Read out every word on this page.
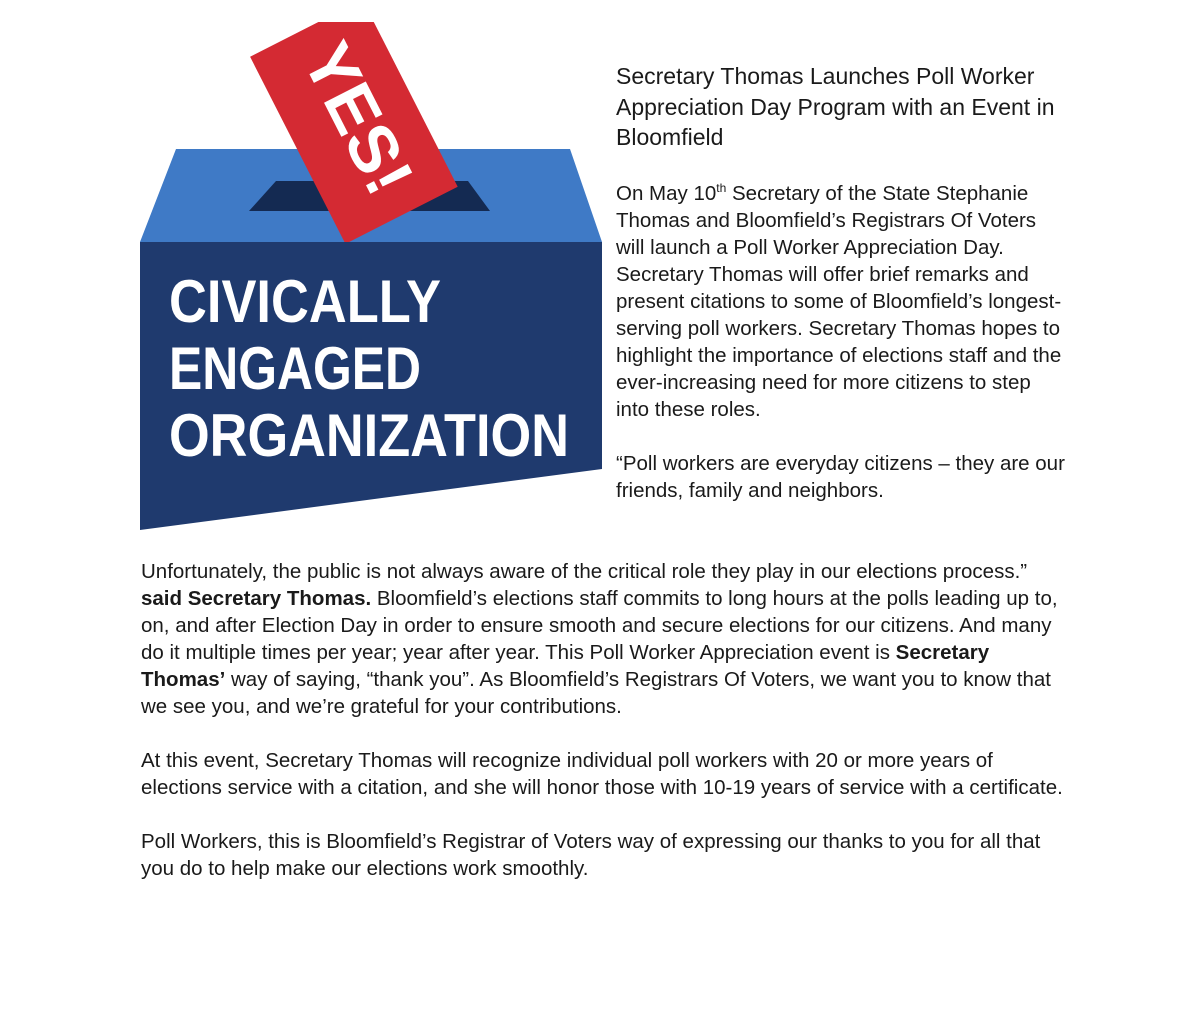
YES!
CIVICALLY
ENGAGED
ORGANIZATION
Secretary Thomas Launches Poll Worker Appreciation Day Program with an Event in Bloomfield

On May 10th Secretary of the State Stephanie Thomas and Bloomfield’s Registrars Of Voters will launch a Poll Worker Appreciation Day. Secretary Thomas will offer brief remarks and present citations to some of Bloomfield’s longest-serving poll workers. Secretary Thomas hopes to highlight the importance of elections staff and the ever-increasing need for more citizens to step into these roles.

“Poll workers are everyday citizens – they are our friends, family and neighbors.

Unfortunately, the public is not always aware of the critical role they play in our elections process.” said Secretary Thomas. Bloomfield’s elections staff commits to long hours at the polls leading up to, on, and after Election Day in order to ensure smooth and secure elections for our citizens. And many do it multiple times per year; year after year. This Poll Worker Appreciation event is Secretary Thomas’ way of saying, “thank you”. As Bloomfield’s Registrars Of Voters, we want you to know that we see you, and we’re grateful for your contributions.

At this event, Secretary Thomas will recognize individual poll workers with 20 or more years of elections service with a citation, and she will honor those with 10-19 years of service with a certificate.

Poll Workers, this is Bloomfield’s Registrar of Voters way of expressing our thanks to you for all that you do to help make our elections work smoothly.
